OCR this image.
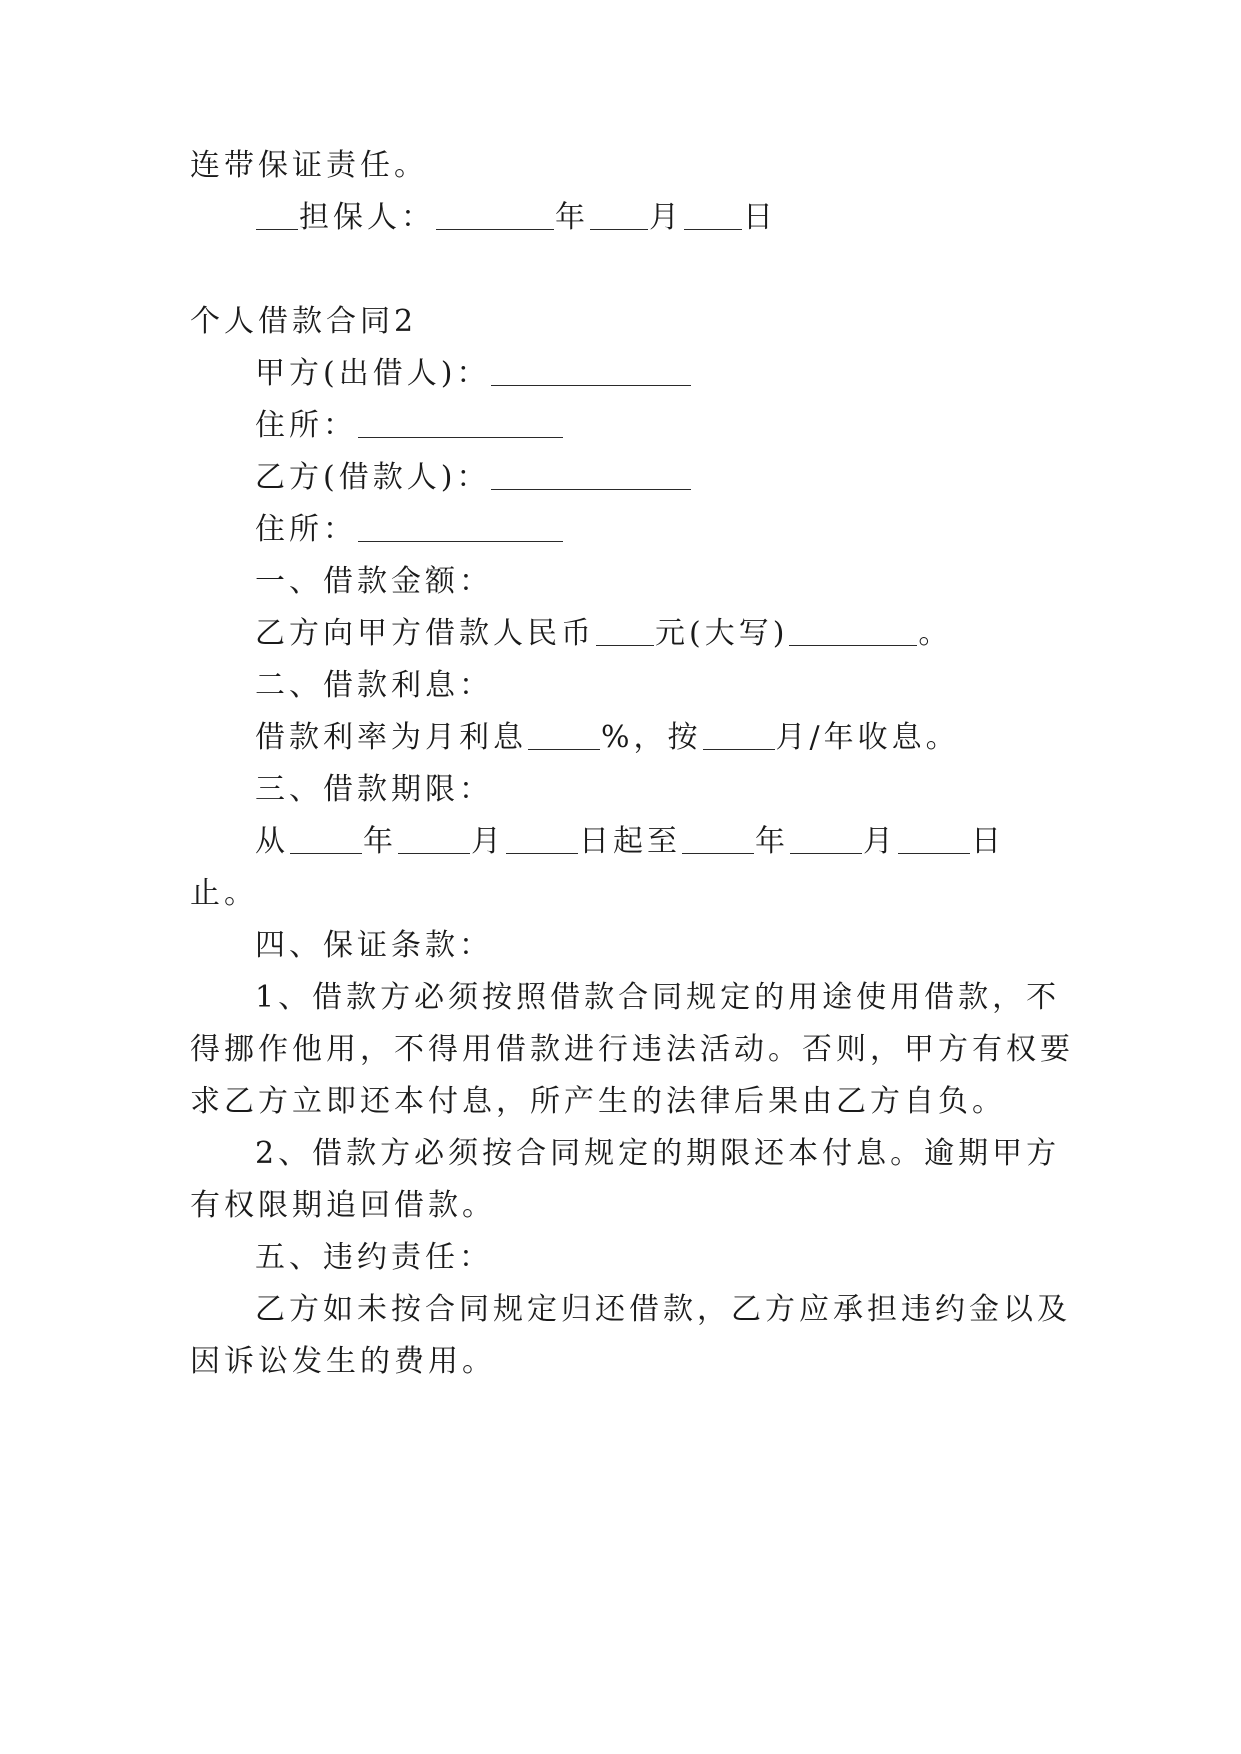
连带保证责任。
担保人：	年 月 日
个人借款合同2
甲方(出借人)：
住所：
乙方(借款人)：
住所：
一、借款金额：
乙方向甲方借款人民币 元(大写)	。
二、借款利息：
借款利率为月利息 %，按 月/年收息。
三、借款期限：
从 年 月 日起至 年 月 日
止。
四、保证条款：
1、借款方必须按照借款合同规定的用途使用借款，不
得挪作他用，不得用借款进行违法活动。否则，甲方有权要
求乙方立即还本付息，所产生的法律后果由乙方自负。
2、借款方必须按合同规定的期限还本付息。逾期甲方
有权限期追回借款。
五、违约责任：
乙方如未按合同规定归还借款，乙方应承担违约金以及
因诉讼发生的费用。
